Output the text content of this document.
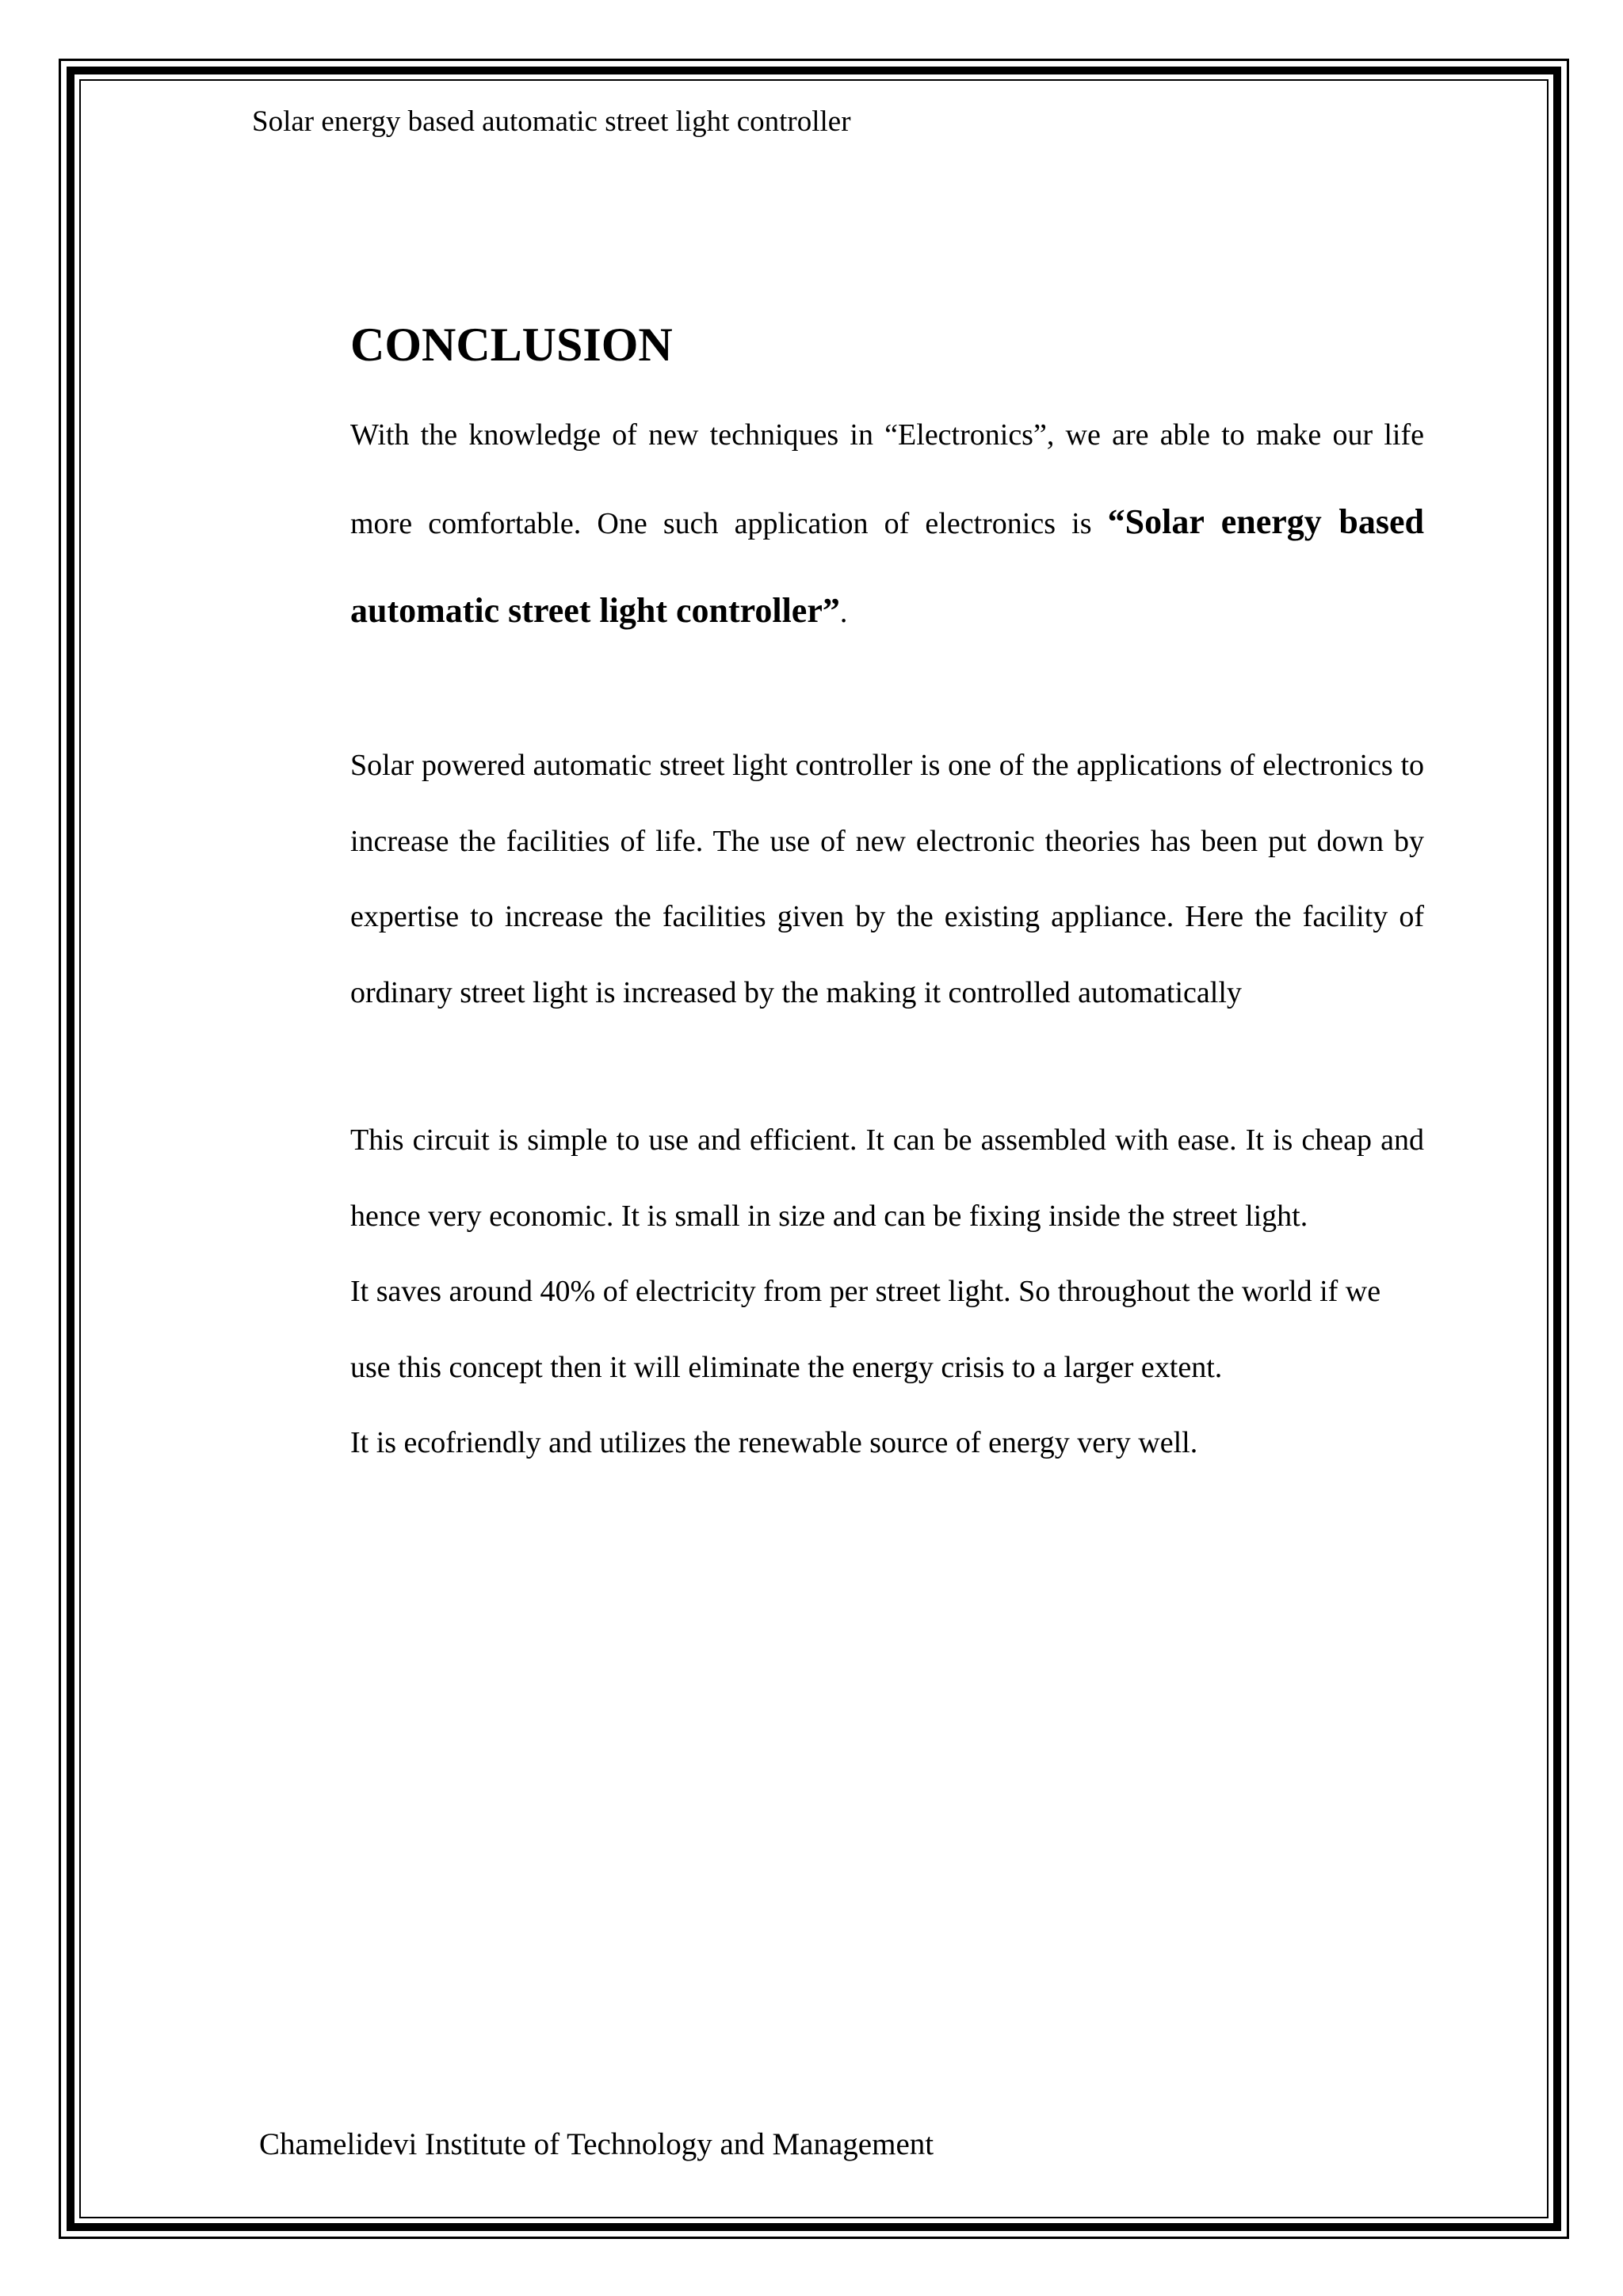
Solar energy based automatic street light controller
CONCLUSION

With the knowledge of new techniques in “Electronics”, we are able to make our life more comfortable. One such application of electronics is “Solar energy based automatic street light controller”.

Solar powered automatic street light controller is one of the applications of electronics to increase the facilities of life. The use of new electronic theories has been put down by expertise to increase the facilities given by the existing appliance. Here the facility of ordinary street light is increased by the making it controlled automatically

This circuit is simple to use and efficient. It can be assembled with ease. It is cheap and hence very economic. It is small in size and can be fixing inside the street light.

It saves around 40% of electricity from per street light. So throughout the world if we use this concept then it will eliminate the energy crisis to a larger extent.

It is ecofriendly and utilizes the renewable source of energy very well.

Chamelidevi Institute of Technology and Management
